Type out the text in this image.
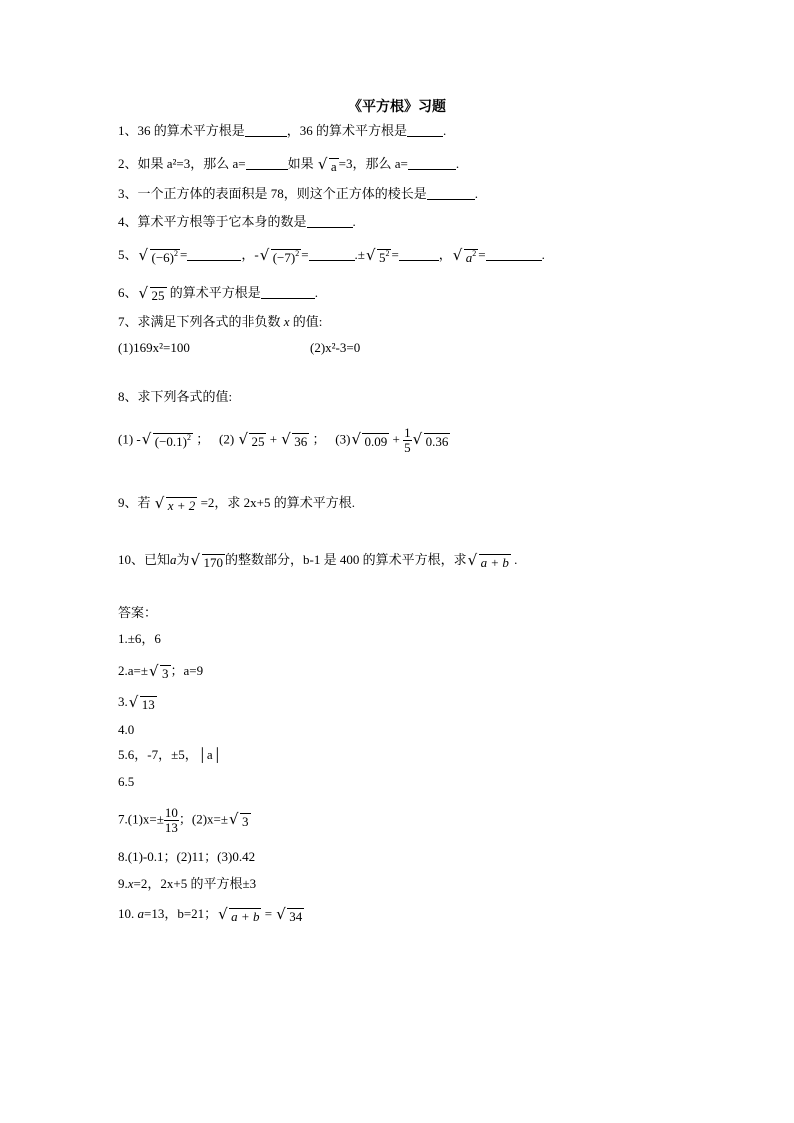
《平方根》习题
1、36 的算术平方根是	，36 的算术平方根是	.
2、如果 a²=3，那么 a=	如果 √ a =3，那么 a=	.
3、一个正方体的表面积是 78，则这个正方体的棱长是	.
4、算术平方根等于它本身的数是	.
5、 √ $(-6)^2$ =	，- √ $(-7)^2$ =	.± √ $5^2$ =	， √ $a^2$ =	.
6、 √ 25 的算术平方根是	.
7、求满足下列各式的非负数 x 的值:
(1)169x²=100	(2)x²-3=0
8、求下列各式的值:
(1) - √ $(-0.1)^2$ ； (2) √ 25 + √ 36 ； (3) √ $0.09 + \frac{1}{5}$ √ 0.36
9、若 √ x + 2 =2，求 2x+5 的算术平方根.
10、已知a为 √ 170 的整数部分，b-1 是 400 的算术平方根，求 √ a + b .
答案：
1.±6，6
2.a=± √ 3 ；a=9
3. √ 13
4.0
5.6，-7，±5，│a│
6.5
$7.(1)x=\pm \frac{10}{13}$ ；(2)x=± √ 3
8.(1)-0.1；(2)11；(3)0.42
9.x=2，2x+5 的平方根±3
10. a=13，b=21； √ a + b = √ 34
